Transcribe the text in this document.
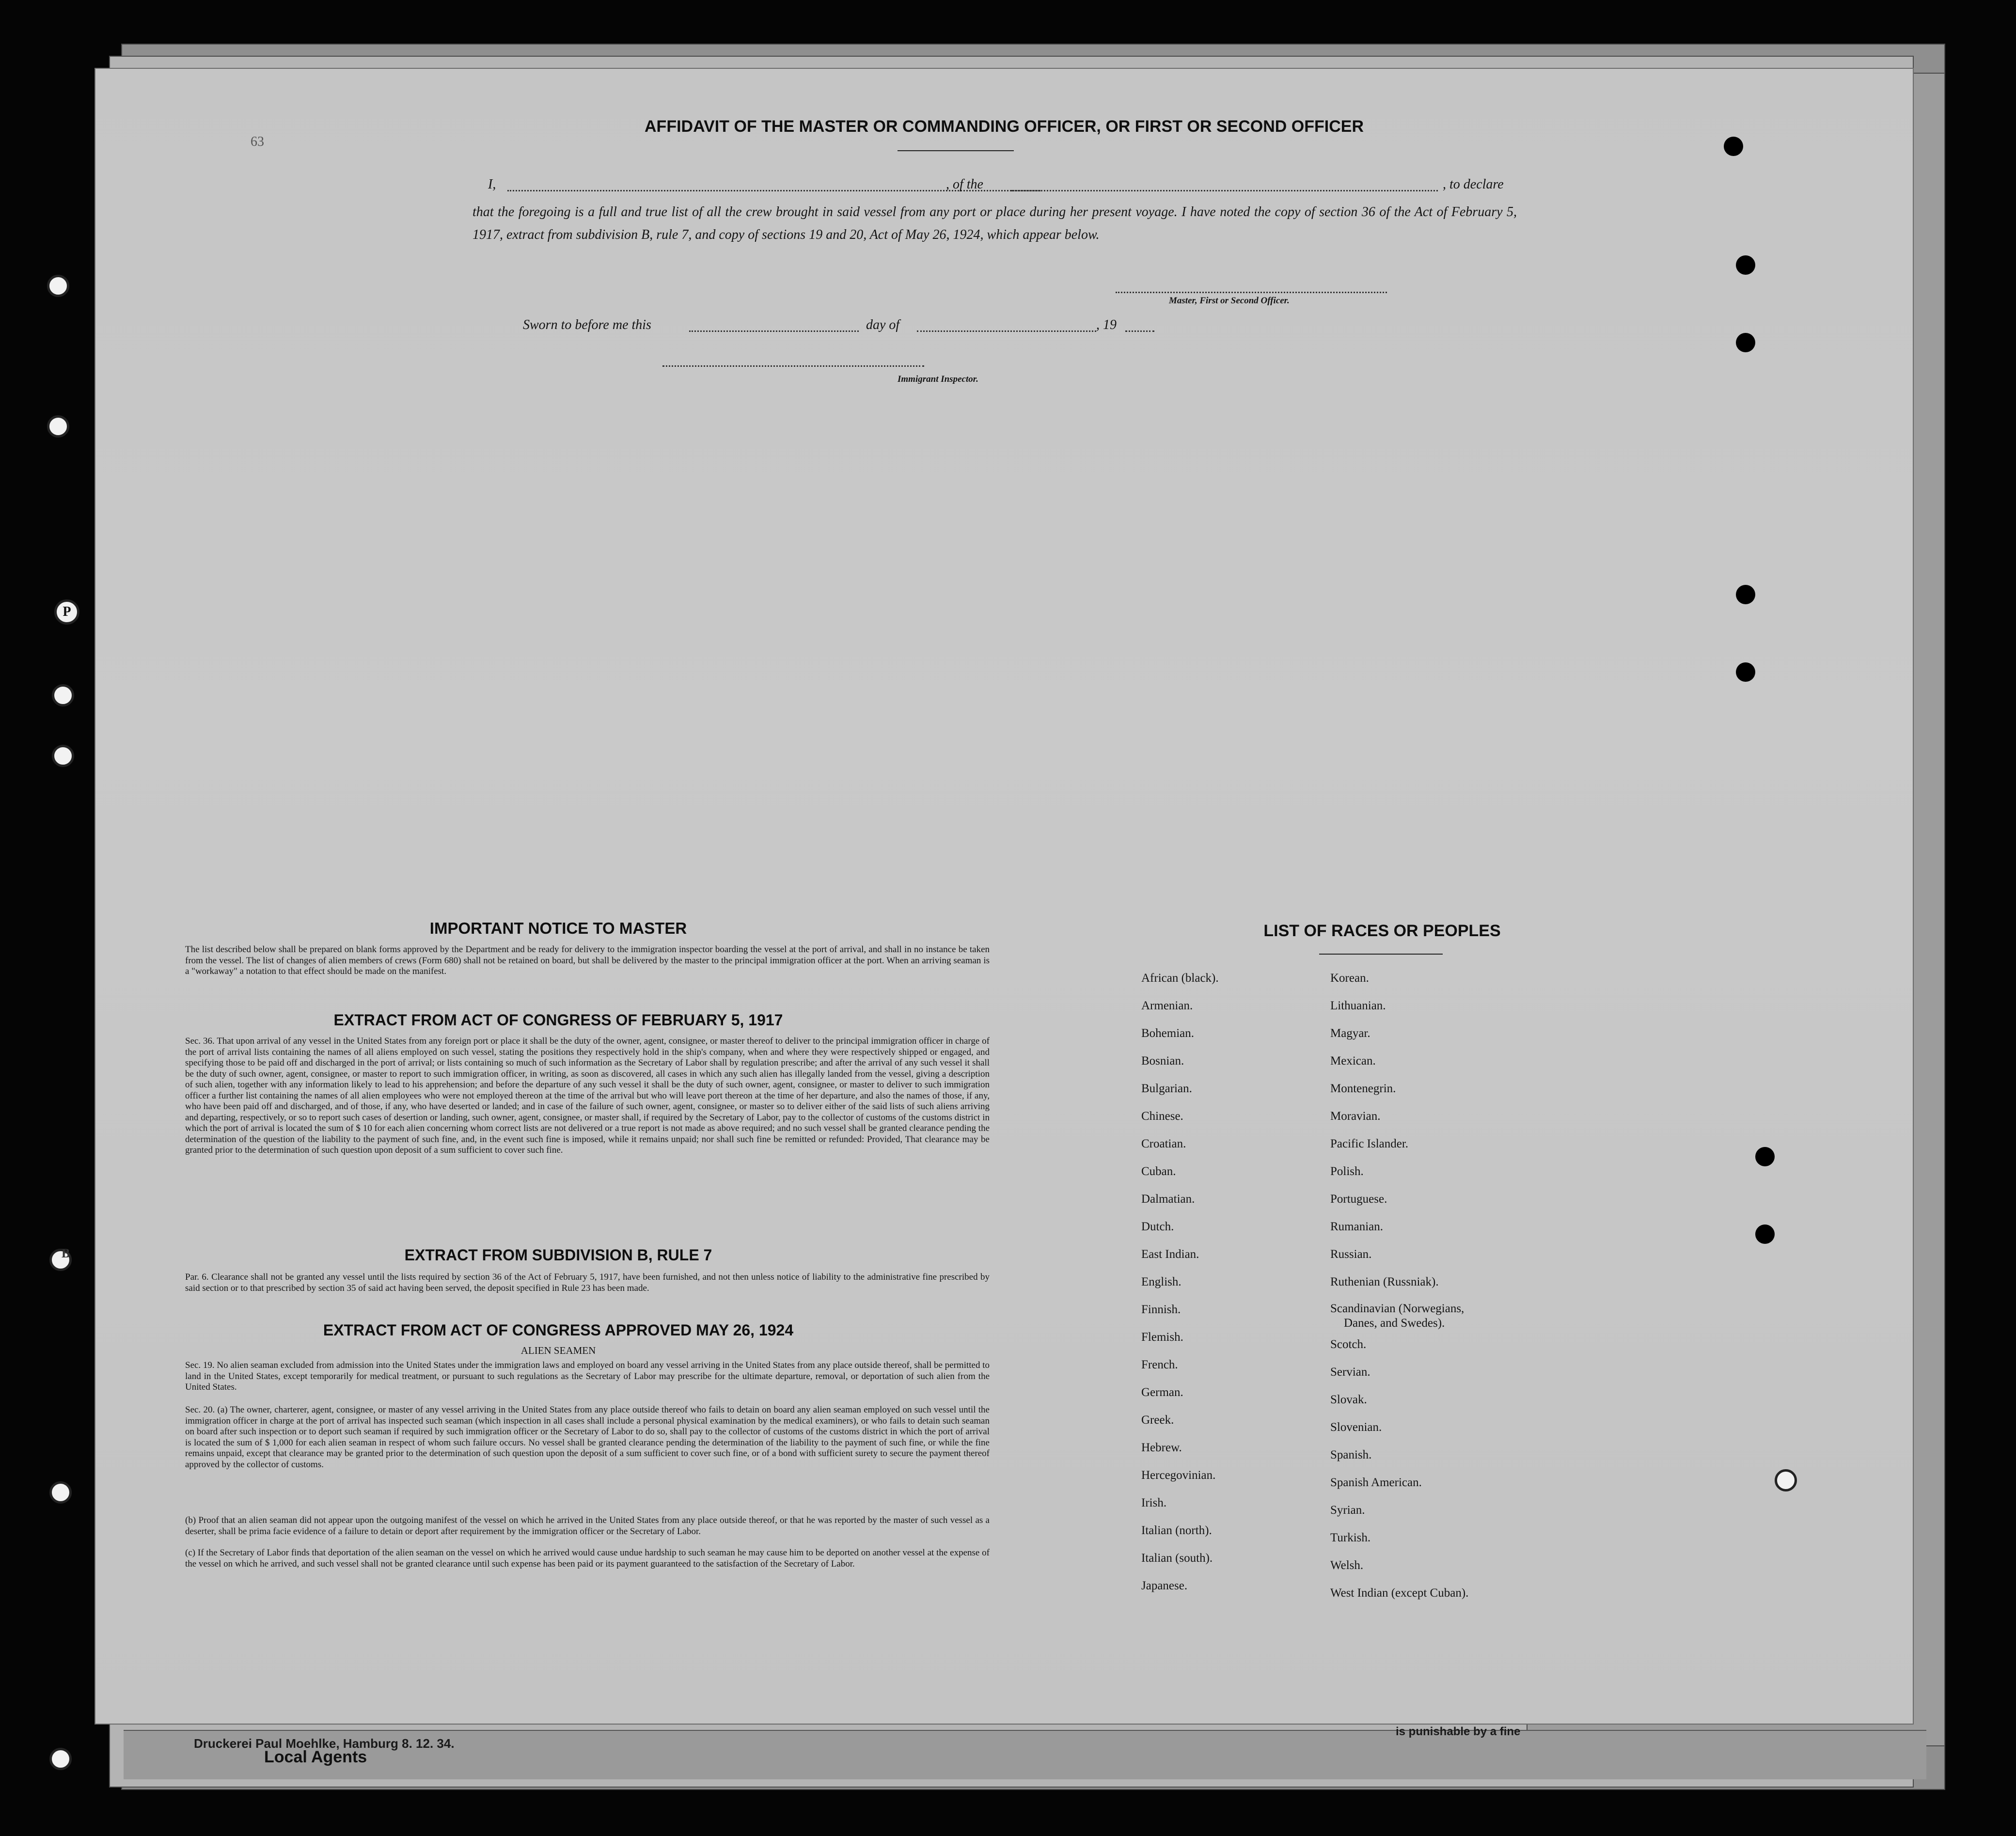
Druckerei Paul Moehlke, Hamburg 8. 12. 34.
Local Agents
is punishable by a fine
P
63
AFFIDAVIT OF THE MASTER OR COMMANDING OFFICER, OR FIRST OR SECOND OFFICER
I,	, of the	, to declare
that the foregoing is a full and true list of all the crew brought in said vessel from any port or place during her present voyage. I have noted the copy of section 36 of the Act of February 5, 1917, extract from subdivision B, rule 7, and copy of sections 19 and 20, Act of May 26, 1924, which appear below.
Master, First or Second Officer.
Sworn to before me this	day of	, 19
Immigrant Inspector.
IMPORTANT NOTICE TO MASTER
The list described below shall be prepared on blank forms approved by the Department and be ready for delivery to the immigration inspector boarding the vessel at the port of arrival, and shall in no instance be taken from the vessel. The list of changes of alien members of crews (Form 680) shall not be retained on board, but shall be delivered by the master to the principal immigration officer at the port. When an arriving seaman is a "workaway" a notation to that effect should be made on the manifest.
EXTRACT FROM ACT OF CONGRESS OF FEBRUARY 5, 1917
Sec. 36. That upon arrival of any vessel in the United States from any foreign port or place it shall be the duty of the owner, agent, consignee, or master thereof to deliver to the principal immigration officer in charge of the port of arrival lists containing the names of all aliens employed on such vessel, stating the positions they respectively hold in the ship's company, when and where they were respectively shipped or engaged, and specifying those to be paid off and discharged in the port of arrival; or lists containing so much of such information as the Secretary of Labor shall by regulation prescribe; and after the arrival of any such vessel it shall be the duty of such owner, agent, consignee, or master to report to such immigration officer, in writing, as soon as discovered, all cases in which any such alien has illegally landed from the vessel, giving a description of such alien, together with any information likely to lead to his apprehension; and before the departure of any such vessel it shall be the duty of such owner, agent, consignee, or master to deliver to such immigration officer a further list containing the names of all alien employees who were not employed thereon at the time of the arrival but who will leave port thereon at the time of her departure, and also the names of those, if any, who have been paid off and discharged, and of those, if any, who have deserted or landed; and in case of the failure of such owner, agent, consignee, or master so to deliver either of the said lists of such aliens arriving and departing, respectively, or so to report such cases of desertion or landing, such owner, agent, consignee, or master shall, if required by the Secretary of Labor, pay to the collector of customs of the customs district in which the port of arrival is located the sum of $ 10 for each alien concerning whom correct lists are not delivered or a true report is not made as above required; and no such vessel shall be granted clearance pending the determination of the question of the liability to the payment of such fine, and, in the event such fine is imposed, while it remains unpaid; nor shall such fine be remitted or refunded: Provided, That clearance may be granted prior to the determination of such question upon deposit of a sum sufficient to cover such fine.
EXTRACT FROM SUBDIVISION B, RULE 7
Par. 6. Clearance shall not be granted any vessel until the lists required by section 36 of the Act of February 5, 1917, have been furnished, and not then unless notice of liability to the administrative fine prescribed by said section or to that prescribed by section 35 of said act having been served, the deposit specified in Rule 23 has been made.
EXTRACT FROM ACT OF CONGRESS APPROVED MAY 26, 1924
ALIEN SEAMEN
Sec. 19. No alien seaman excluded from admission into the United States under the immigration laws and employed on board any vessel arriving in the United States from any place outside thereof, shall be permitted to land in the United States, except temporarily for medical treatment, or pursuant to such regulations as the Secretary of Labor may prescribe for the ultimate departure, removal, or deportation of such alien from the United States.
Sec. 20. (a) The owner, charterer, agent, consignee, or master of any vessel arriving in the United States from any place outside thereof who fails to detain on board any alien seaman employed on such vessel until the immigration officer in charge at the port of arrival has inspected such seaman (which inspection in all cases shall include a personal physical examination by the medical examiners), or who fails to detain such seaman on board after such inspection or to deport such seaman if required by such immigration officer or the Secretary of Labor to do so, shall pay to the collector of customs of the customs district in which the port of arrival is located the sum of $ 1,000 for each alien seaman in respect of whom such failure occurs. No vessel shall be granted clearance pending the determination of the liability to the payment of such fine, or while the fine remains unpaid, except that clearance may be granted prior to the determination of such question upon the deposit of a sum sufficient to cover such fine, or of a bond with sufficient surety to secure the payment thereof approved by the collector of customs.
(b) Proof that an alien seaman did not appear upon the outgoing manifest of the vessel on which he arrived in the United States from any place outside thereof, or that he was reported by the master of such vessel as a deserter, shall be prima facie evidence of a failure to detain or deport after requirement by the immigration officer or the Secretary of Labor.
(c) If the Secretary of Labor finds that deportation of the alien seaman on the vessel on which he arrived would cause undue hardship to such seaman he may cause him to be deported on another vessel at the expense of the vessel on which he arrived, and such vessel shall not be granted clearance until such expense has been paid or its payment guaranteed to the satisfaction of the Secretary of Labor.
LIST OF RACES OR PEOPLES
African (black).
Armenian.
Bohemian.
Bosnian.
Bulgarian.
Chinese.
Croatian.
Cuban.
Dalmatian.
Dutch.
East Indian.
English.
Finnish.
Flemish.
French.
German.
Greek.
Hebrew.
Hercegovinian.
Irish.
Italian (north).
Italian (south).
Japanese.
Korean.
Lithuanian.
Magyar.
Mexican.
Montenegrin.
Moravian.
Pacific Islander.
Polish.
Portuguese.
Rumanian.
Russian.
Ruthenian (Russniak).
Scandinavian (Norwegians,
Danes, and Swedes).
Scotch.
Servian.
Slovak.
Slovenian.
Spanish.
Spanish American.
Syrian.
Turkish.
Welsh.
West Indian (except Cuban).
B
